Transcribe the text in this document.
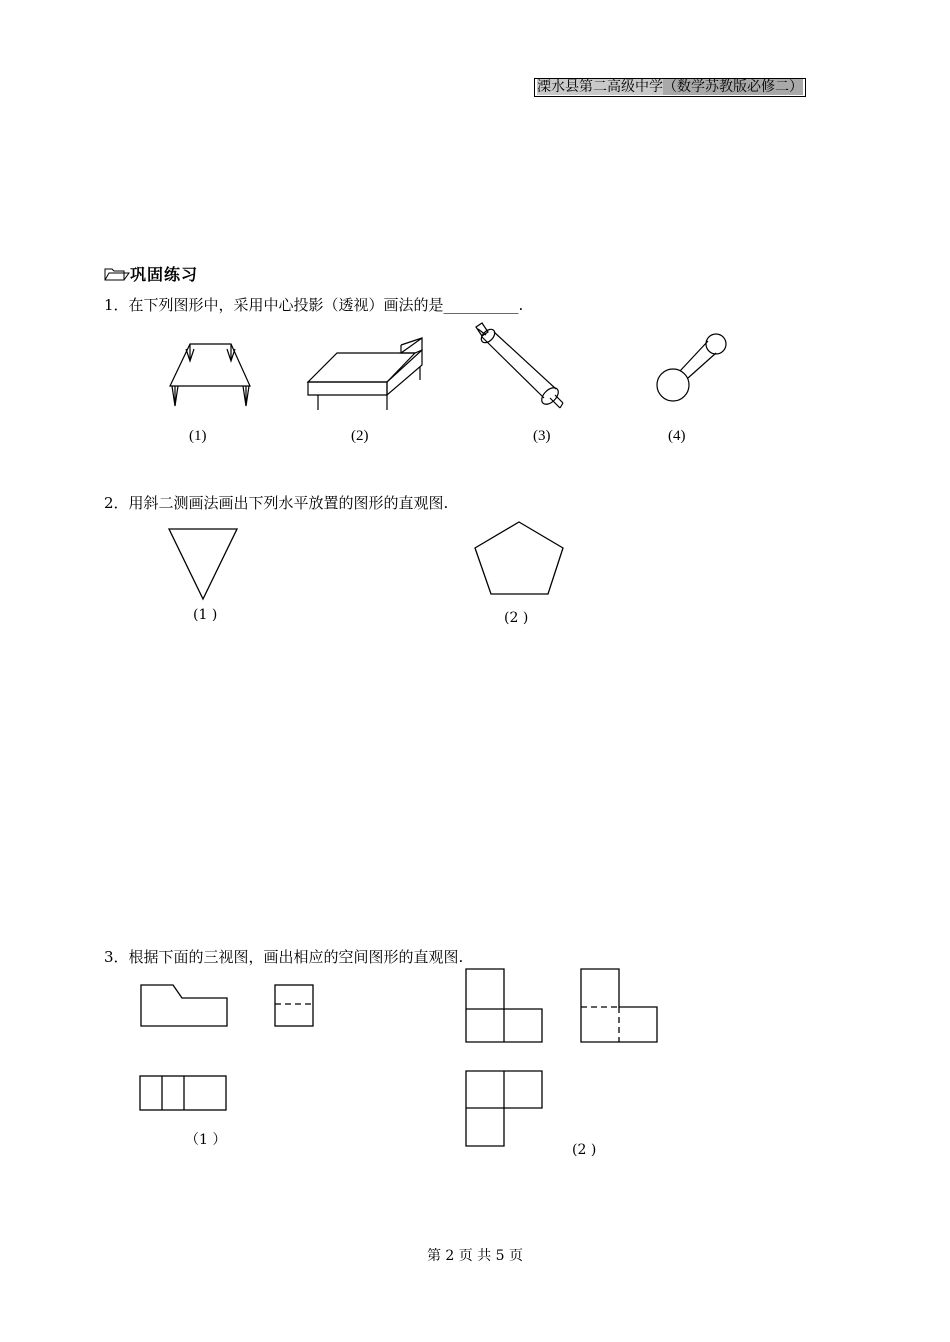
溧水县第二高级中学（数学苏教版必修二）
巩固练习
1．在下列图形中，采用中心投影（透视）画法的是__________.
(1)	(2)	(3)	(4)
2．用斜二测画法画出下列水平放置的图形的直观图.
(1 )	(2 )
3．根据下面的三视图，画出相应的空间图形的直观图.
（1 ）
(2 )
第 2 页 共 5 页
